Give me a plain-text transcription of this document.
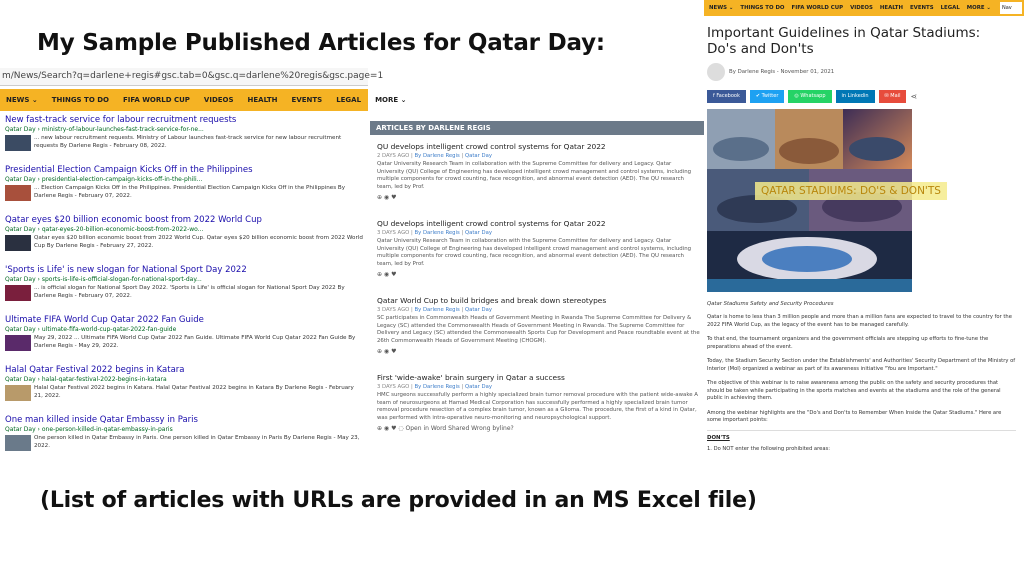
My Sample Published Articles for Qatar Day:
m/News/Search?q=darlene+regis#gsc.tab=0&gsc.q=darlene%20regis&gsc.page=1
NEWS ⌄ THINGS TO DO FIFA WORLD CUP VIDEOS HEALTH EVENTS LEGAL MORE ⌄
New fast-track service for labour recruitment requests
Qatar Day › ministry-of-labour-launches-fast-track-service-for-ne...
... new labour recruitment requests. Ministry of Labour launches fast-track service for new labour recruitment requests By Darlene Regis - February 08, 2022.
Presidential Election Campaign Kicks Off in the Philippines
Qatar Day › presidential-election-campaign-kicks-off-in-the-phili...
... Election Campaign Kicks Off in the Philippines. Presidential Election Campaign Kicks Off in the Philippines By Darlene Regis - February 07, 2022.
Qatar eyes $20 billion economic boost from 2022 World Cup
Qatar Day › qatar-eyes-20-billion-economic-boost-from-2022-wo...
Qatar eyes $20 billion economic boost from 2022 World Cup. Qatar eyes $20 billion economic boost from 2022 World Cup By Darlene Regis - February 27, 2022.
'Sports is Life' is new slogan for National Sport Day 2022
Qatar Day › sports-is-life-is-official-slogan-for-national-sport-day...
... is official slogan for National Sport Day 2022. 'Sports is Life' is official slogan for National Sport Day 2022 By Darlene Regis - February 07, 2022.
Ultimate FIFA World Cup Qatar 2022 Fan Guide
Qatar Day › ultimate-fifa-world-cup-qatar-2022-fan-guide
May 29, 2022 ... Ultimate FIFA World Cup Qatar 2022 Fan Guide. Ultimate FIFA World Cup Qatar 2022 Fan Guide By Darlene Regis - May 29, 2022.
Halal Qatar Festival 2022 begins in Katara
Qatar Day › halal-qatar-festival-2022-begins-in-katara
Halal Qatar Festival 2022 begins in Katara. Halal Qatar Festival 2022 begins in Katara By Darlene Regis - February 21, 2022.
One man killed inside Qatar Embassy in Paris
Qatar Day › one-person-killed-in-qatar-embassy-in-paris
One person killed in Qatar Embassy in Paris. One person killed in Qatar Embassy in Paris By Darlene Regis - May 23, 2022.
ARTICLES BY DARLENE REGIS
QU develops intelligent crowd control systems for Qatar 2022
2 DAYS AGO | By Darlene Regis | Qatar Day
Qatar University Research Team in collaboration with the Supreme Committee for delivery and Legacy. Qatar University (QU) College of Engineering has developed intelligent crowd management and control systems, including multiple components for crowd counting, face recognition, and abnormal event detection (AED). The QU research team, led by Prof.
⊕ ◉ ♥
QU develops intelligent crowd control systems for Qatar 2022
3 DAYS AGO | By Darlene Regis | Qatar Day
Qatar University Research Team in collaboration with the Supreme Committee for delivery and Legacy. Qatar University (QU) College of Engineering has developed intelligent crowd management and control systems, including multiple components for crowd counting, face recognition, and abnormal event detection (AED). The QU research team, led by Prof.
⊕ ◉ ♥
Qatar World Cup to build bridges and break down stereotypes
3 DAYS AGO | By Darlene Regis | Qatar Day
SC participates in Commonwealth Heads of Government Meeting in Rwanda The Supreme Committee for Delivery & Legacy (SC) attended the Commonwealth Heads of Government Meeting in Rwanda. The Supreme Committee for Delivery and Legacy (SC) attended the Commonwealth Sports Cup for Development and Peace roundtable event at the 26th Commonwealth Heads of Government Meeting (CHOGM).
⊕ ◉ ♥
First 'wide-awake' brain surgery in Qatar a success
3 DAYS AGO | By Darlene Regis | Qatar Day
HMC surgeons successfully perform a highly specialized brain tumor removal procedure with the patient wide-awake A team of neurosurgeons at Hamad Medical Corporation has successfully performed a highly specialized brain tumor removal procedure resection of a complex brain tumor, known as a Glioma. The procedure, the first of a kind in Qatar, was performed with intra-operative neuro-monitoring and neuropsychological support.
⊕ ◉ ♥ ◌ Open in Word Shared Wrong byline?
NEWS ⌄ THINGS TO DO FIFA WORLD CUP VIDEOS HEALTH EVENTS LEGAL MORE ⌄	Nav
Important Guidelines in Qatar Stadiums: Do's and Don'ts
By Darlene Regis - November 01, 2021
f Facebook	✔ Twitter	◎ Whatsapp	in Linkedin	✉ Mail	⋖
QATAR STADIUMS: DO'S & DON'TS
Qatar Stadiums Safety and Security Procedures
Qatar is home to less than 3 million people and more than a million fans are expected to travel to the country for the 2022 FIFA World Cup, as the legacy of the event has to be managed carefully.
To that end, the tournament organizers and the government officials are stepping up efforts to fine-tune the preparations ahead of the event.
Today, the Stadium Security Section under the Establishments' and Authorities' Security Department of the Ministry of Interior (MoI) organized a webinar as part of its awareness initiative "You are Important."
The objective of this webinar is to raise awareness among the public on the safety and security procedures that should be taken while participating in the sports matches and events at the stadiums and the role of the general public in achieving them.
Among the webinar highlights are the "Do's and Don'ts to Remember When Inside the Qatar Stadiums." Here are some important points:
DON'TS
1. Do NOT enter the following prohibited areas:
(List of articles with URLs are provided in an MS Excel file)
